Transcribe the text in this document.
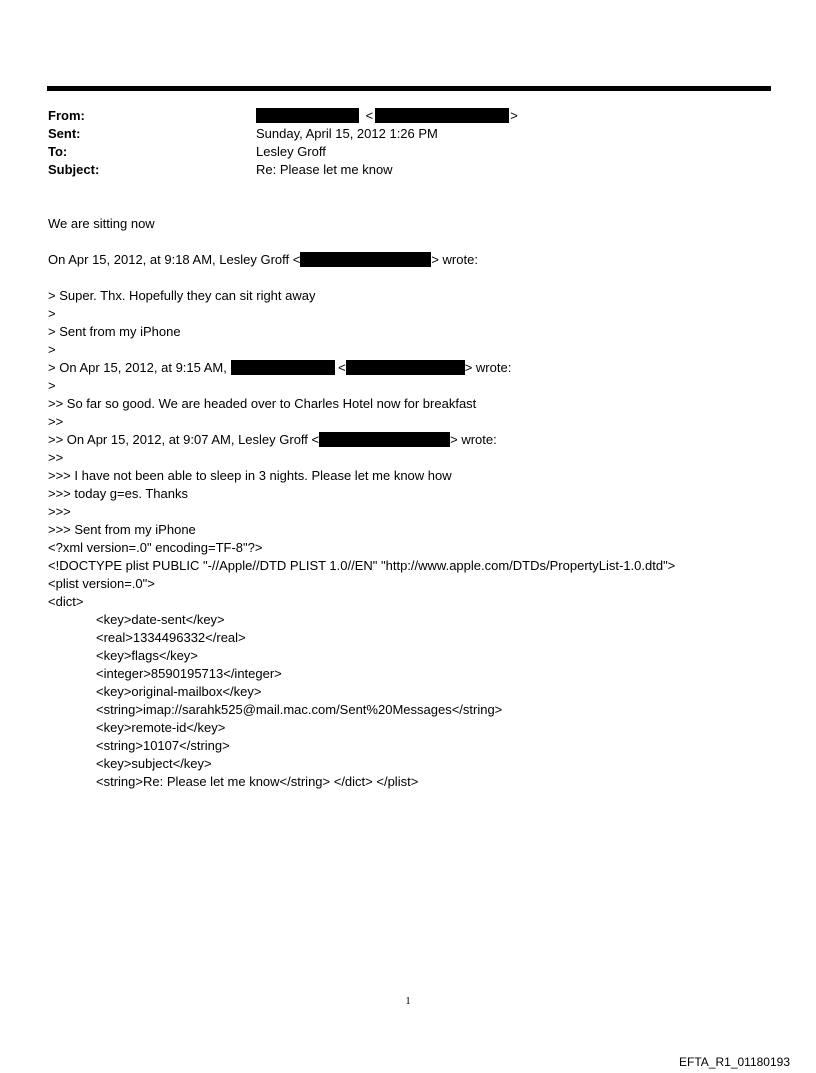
From:	<	>
Sent:	Sunday, April 15, 2012 1:26 PM
To:	Lesley Groff
Subject:	Re: Please let me know
We are sitting now
On Apr 15, 2012, at 9:18 AM, Lesley Groff <	> wrote:
> Super. Thx. Hopefully they can sit right away
>
> Sent from my iPhone
>
> On Apr 15, 2012, at 9:15 AM,	<	> wrote:
>
>> So far so good. We are headed over to Charles Hotel now for breakfast
>>
>> On Apr 15, 2012, at 9:07 AM, Lesley Groff <	> wrote:
>>
>>> I have not been able to sleep in 3 nights. Please let me know how
>>> today g=es. Thanks
>>>
>>> Sent from my iPhone
<?xml version=.0" encoding=TF-8"?>
<!DOCTYPE plist PUBLIC "-//Apple//DTD PLIST 1.0//EN" "http://www.apple.com/DTDs/PropertyList-1.0.dtd">
<plist version=.0">
<dict>
<key>date-sent</key>
<real>1334496332</real>
<key>flags</key>
<integer>8590195713</integer>
<key>original-mailbox</key>
<string>imap://sarahk525@mail.mac.com/Sent%20Messages</string>
<key>remote-id</key>
<string>10107</string>
<key>subject</key>
<string>Re: Please let me know</string> </dict> </plist>
1
EFTA_R1_01180193
